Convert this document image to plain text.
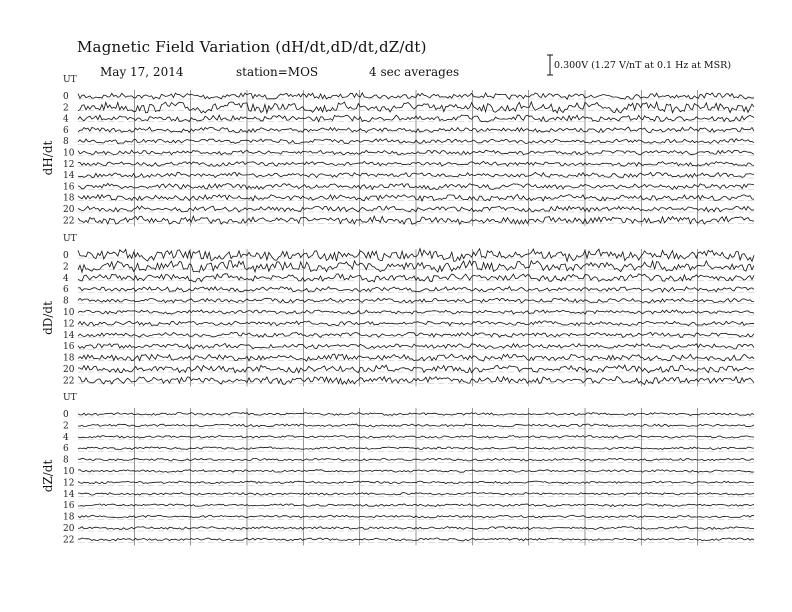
Magnetic Field Variation (dH/dt,dD/dt,dZ/dt)
May 17, 2014	station=MOS	4 sec averages	0.300V (1.27 V/nT at 0.1 Hz at MSR)
UT
dH/dt
0
2
4
6
8
10
12
14
16
18
20
22
UT
dD/dt
0
2
4
6
8
10
12
14
16
18
20
22
UT
dZ/dt
0
2
4
6
8
10
12
14
16
18
20
22
